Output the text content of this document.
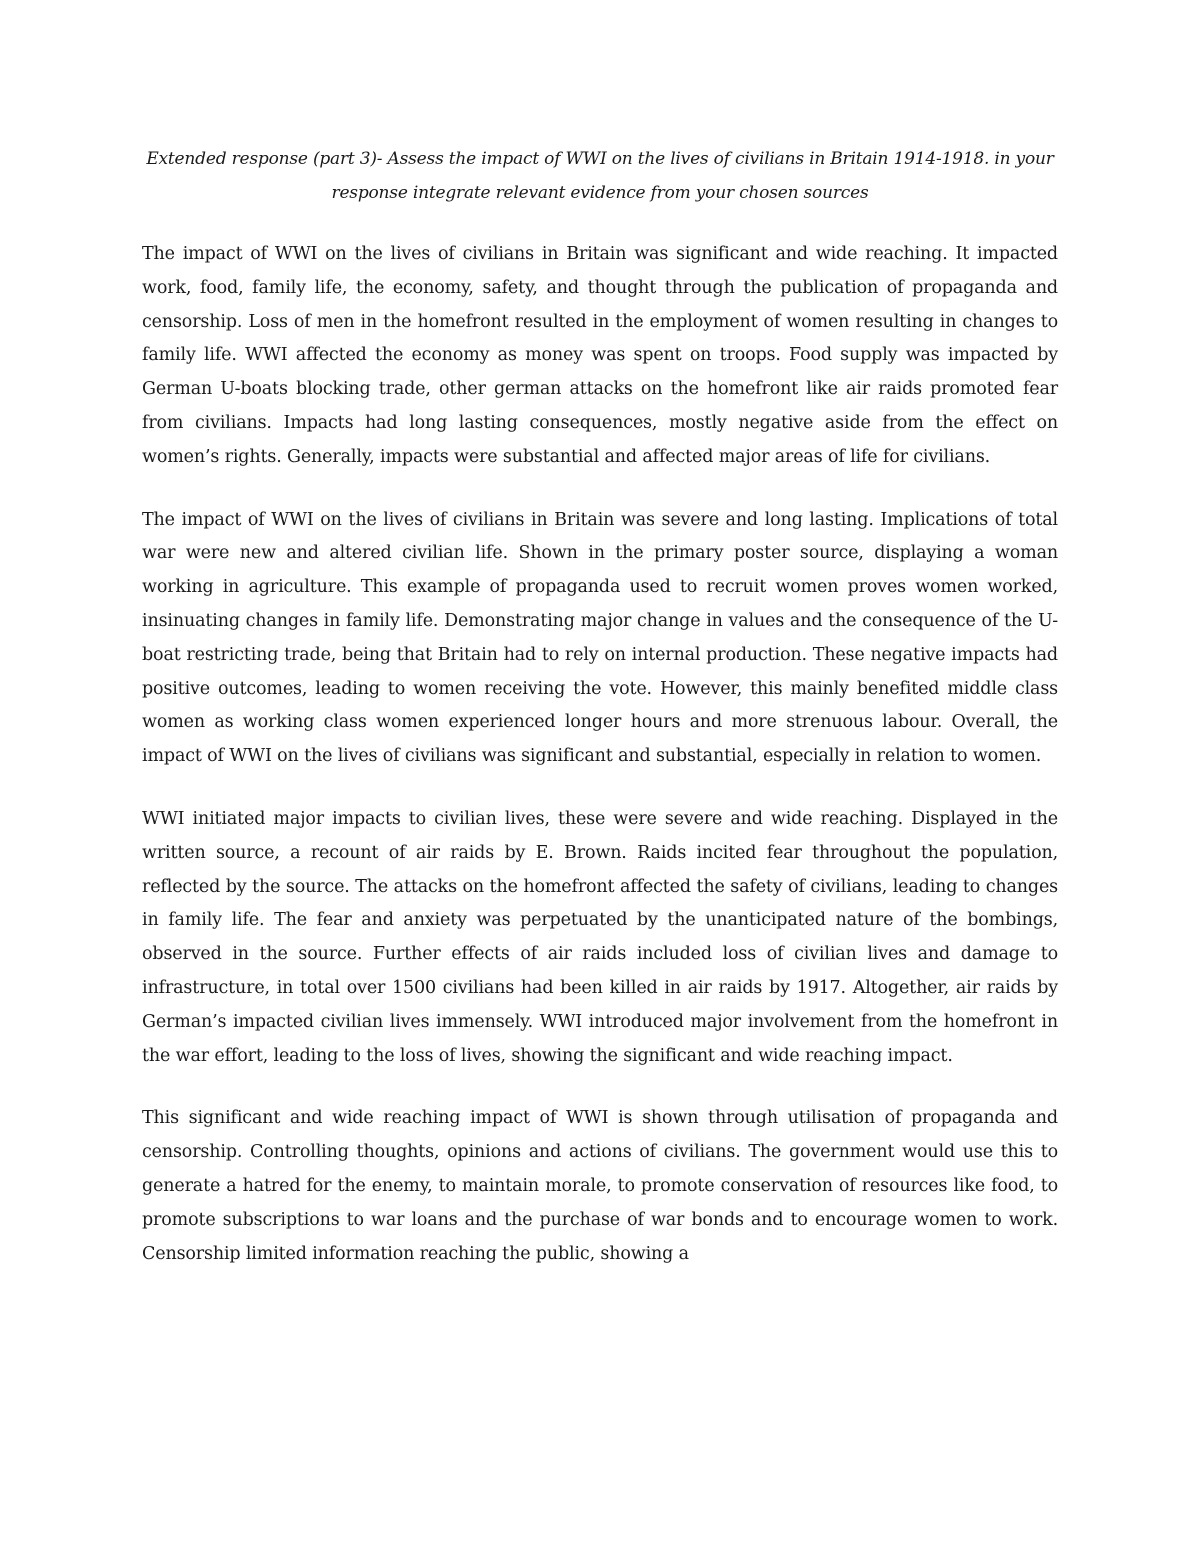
Extended response (part 3)- Assess the impact of WWI on the lives of civilians in Britain 1914-1918. in your response integrate relevant evidence from your chosen sources

The impact of WWI on the lives of civilians in Britain was significant and wide reaching. It impacted work, food, family life, the economy, safety, and thought through the publication of propaganda and censorship. Loss of men in the homefront resulted in the employment of women resulting in changes to family life. WWI affected the economy as money was spent on troops. Food supply was impacted by German U-boats blocking trade, other german attacks on the homefront like air raids promoted fear from civilians. Impacts had long lasting consequences, mostly negative aside from the effect on women’s rights. Generally, impacts were substantial and affected major areas of life for civilians.

The impact of WWI on the lives of civilians in Britain was severe and long lasting. Implications of total war were new and altered civilian life. Shown in the primary poster source, displaying a woman working in agriculture. This example of propaganda used to recruit women proves women worked, insinuating changes in family life. Demonstrating major change in values and the consequence of the U-boat restricting trade, being that Britain had to rely on internal production. These negative impacts had positive outcomes, leading to women receiving the vote. However, this mainly benefited middle class women as working class women experienced longer hours and more strenuous labour. Overall, the impact of WWI on the lives of civilians was significant and substantial, especially in relation to women.

WWI initiated major impacts to civilian lives, these were severe and wide reaching. Displayed in the written source, a recount of air raids by E. Brown. Raids incited fear throughout the population, reflected by the source. The attacks on the homefront affected the safety of civilians, leading to changes in family life. The fear and anxiety was perpetuated by the unanticipated nature of the bombings, observed in the source. Further effects of air raids included loss of civilian lives and damage to infrastructure, in total over 1500 civilians had been killed in air raids by 1917. Altogether, air raids by German’s impacted civilian lives immensely. WWI introduced major involvement from the homefront in the war effort, leading to the loss of lives, showing the significant and wide reaching impact.

This significant and wide reaching impact of WWI is shown through utilisation of propaganda and censorship. Controlling thoughts, opinions and actions of civilians. The government would use this to generate a hatred for the enemy, to maintain morale, to promote conservation of resources like food, to promote subscriptions to war loans and the purchase of war bonds and to encourage women to work. Censorship limited information reaching the public, showing a
